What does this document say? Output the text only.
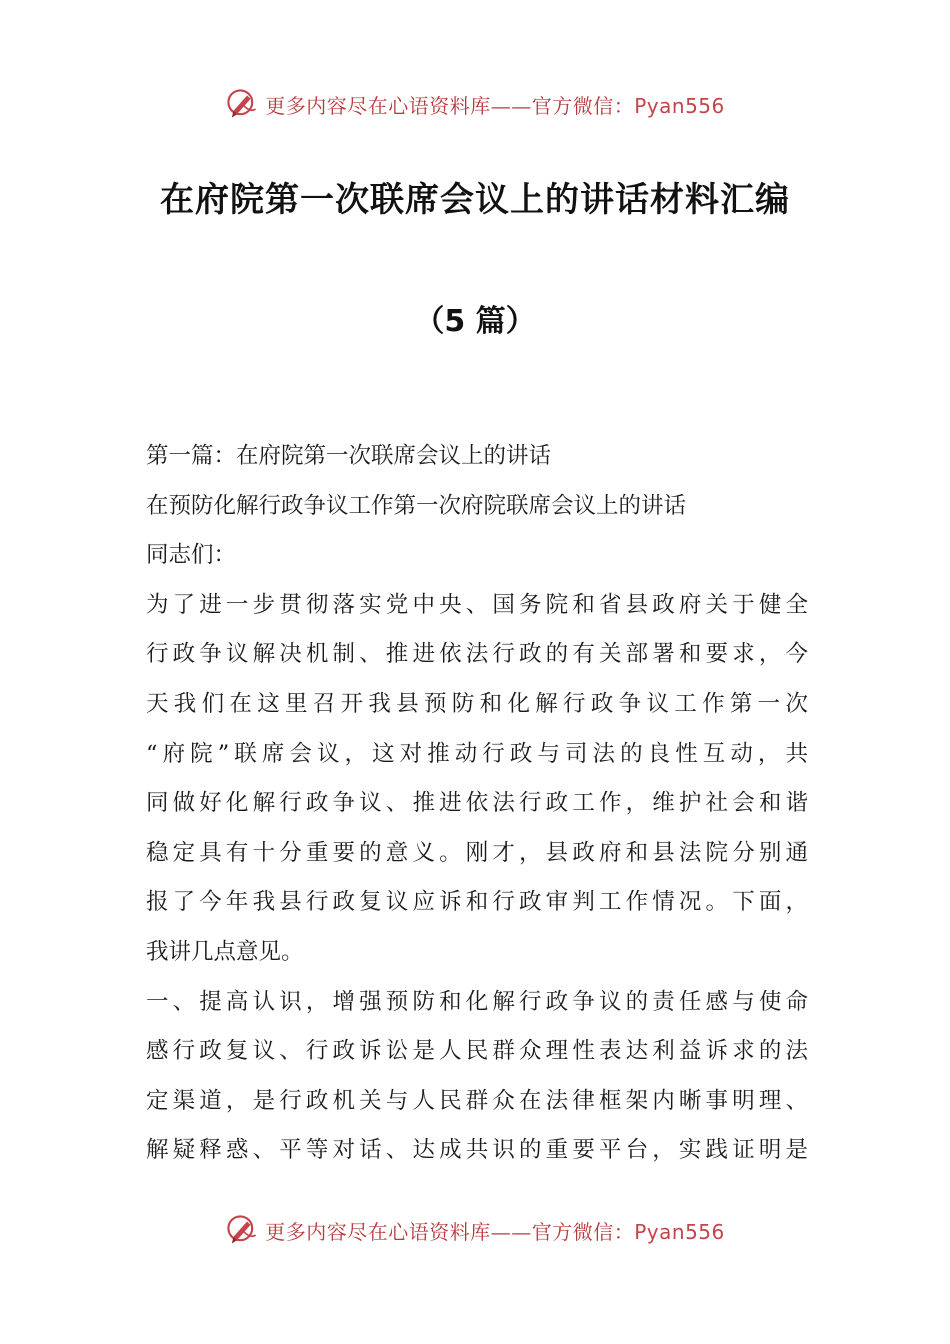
更多内容尽在心语资料库——官方微信：Pyan556
在府院第一次联席会议上的讲话材料汇编
（5 篇）
第一篇：在府院第一次联席会议上的讲话
在预防化解行政争议工作第一次府院联席会议上的讲话
同志们：
为了进一步贯彻落实党中央、国务院和省县政府关于健全
行政争议解决机制、推进依法行政的有关部署和要求，今
天我们在这里召开我县预防和化解行政争议工作第一次
“府院”联席会议，这对推动行政与司法的良性互动，共
同做好化解行政争议、推进依法行政工作，维护社会和谐
稳定具有十分重要的意义。刚才，县政府和县法院分别通
报了今年我县行政复议应诉和行政审判工作情况。下面，
我讲几点意见。
一、提高认识，增强预防和化解行政争议的责任感与使命
感行政复议、行政诉讼是人民群众理性表达利益诉求的法
定渠道，是行政机关与人民群众在法律框架内晰事明理、
解疑释惑、平等对话、达成共识的重要平台，实践证明是
更多内容尽在心语资料库——官方微信：Pyan556
